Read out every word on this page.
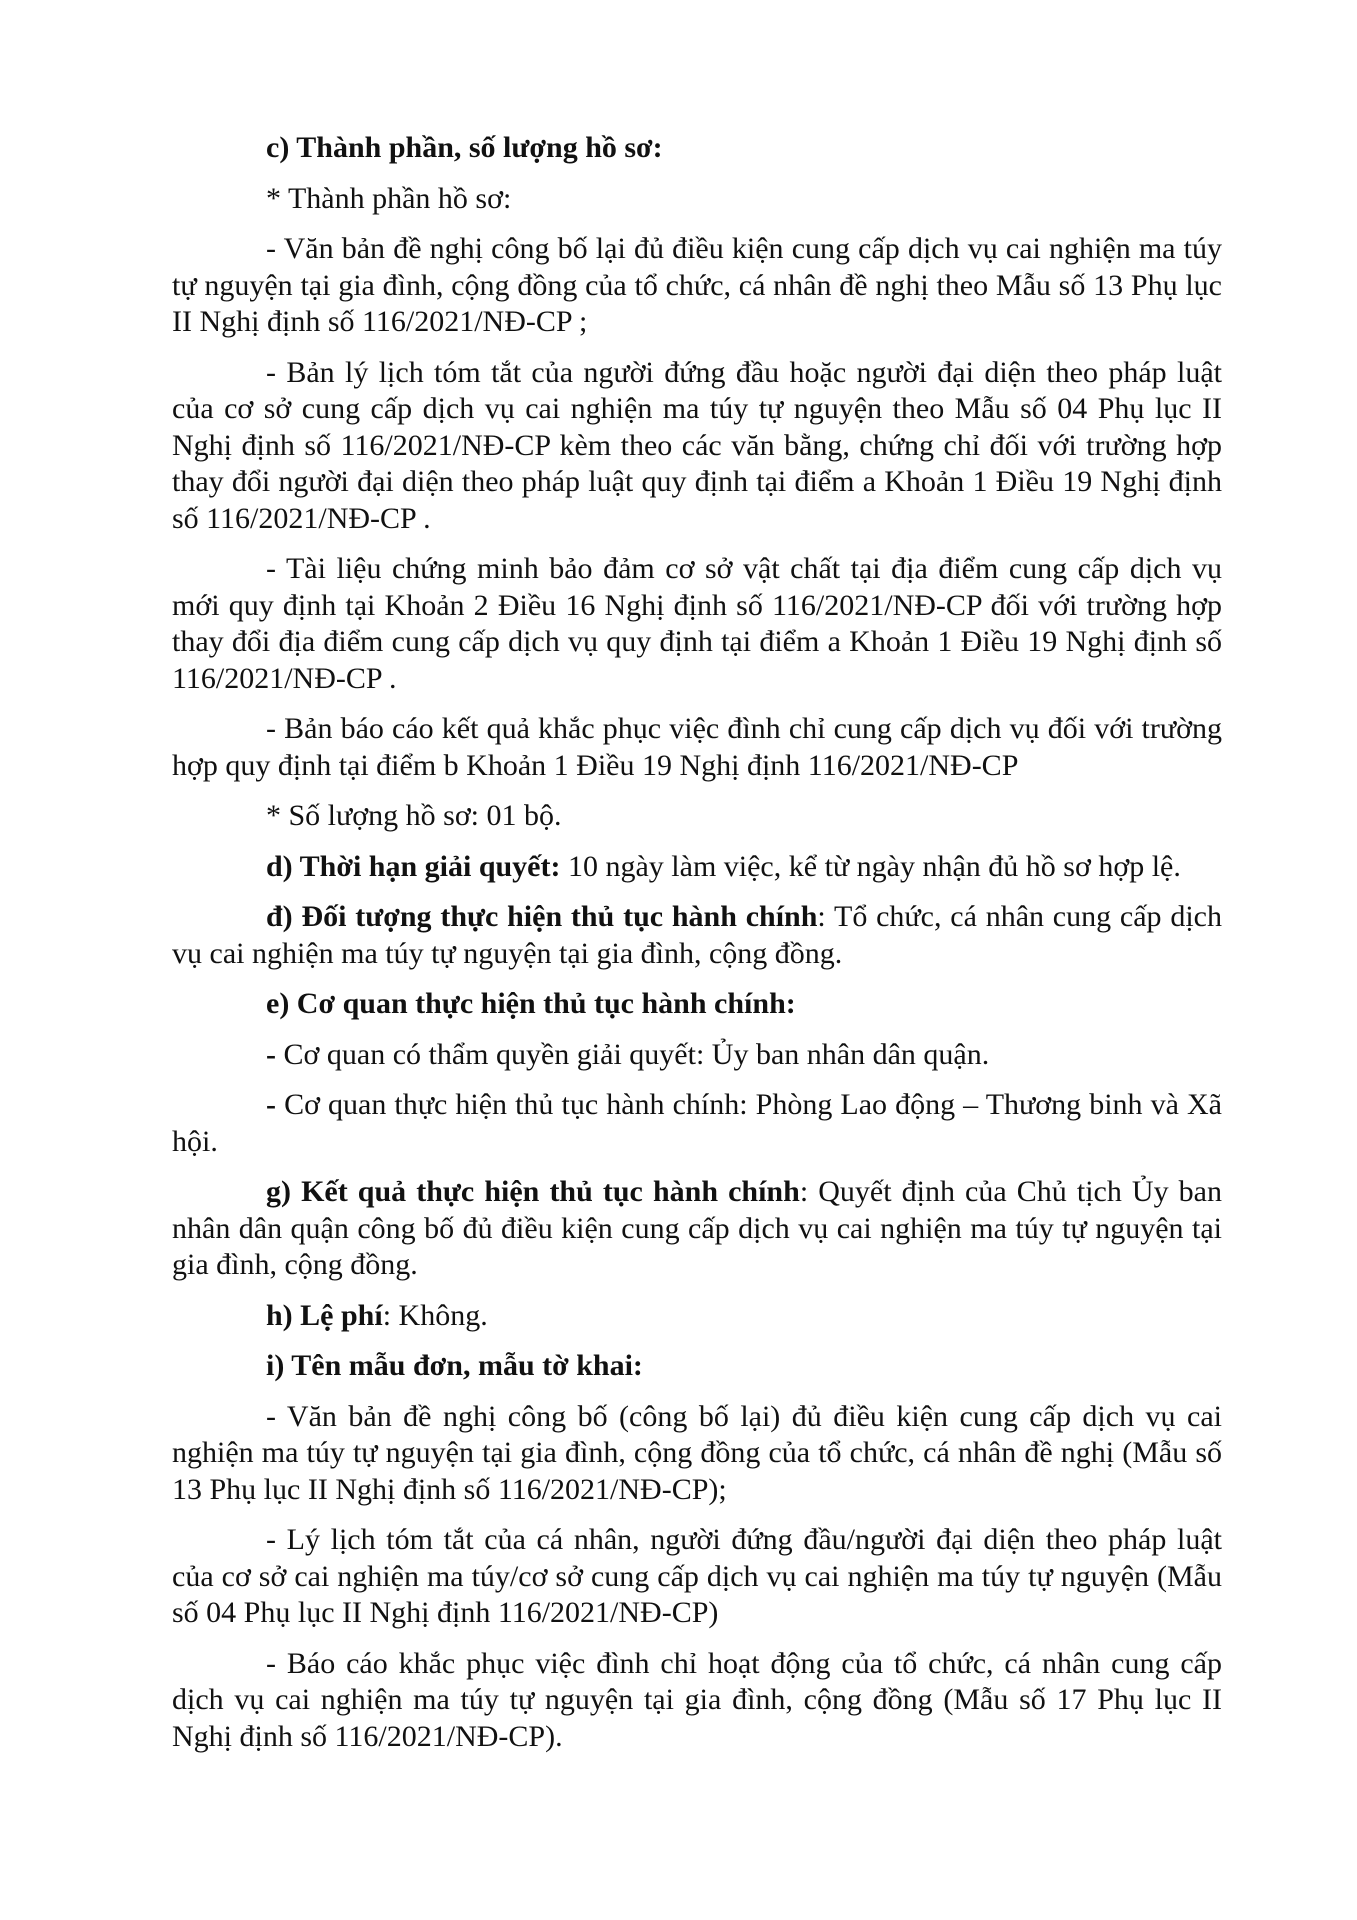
c) Thành phần, số lượng hồ sơ:

* Thành phần hồ sơ:

- Văn bản đề nghị công bố lại đủ điều kiện cung cấp dịch vụ cai nghiện ma túy tự nguyện tại gia đình, cộng đồng của tổ chức, cá nhân đề nghị theo Mẫu số 13 Phụ lục II Nghị định số 116/2021/NĐ-CP ;

- Bản lý lịch tóm tắt của người đứng đầu hoặc người đại diện theo pháp luật của cơ sở cung cấp dịch vụ cai nghiện ma túy tự nguyện theo Mẫu số 04 Phụ lục II Nghị định số 116/2021/NĐ-CP kèm theo các văn bằng, chứng chỉ đối với trường hợp thay đổi người đại diện theo pháp luật quy định tại điểm a Khoản 1 Điều 19 Nghị định số 116/2021/NĐ-CP .

- Tài liệu chứng minh bảo đảm cơ sở vật chất tại địa điểm cung cấp dịch vụ mới quy định tại Khoản 2 Điều 16 Nghị định số 116/2021/NĐ-CP đối với trường hợp thay đổi địa điểm cung cấp dịch vụ quy định tại điểm a Khoản 1 Điều 19 Nghị định số 116/2021/NĐ-CP .

- Bản báo cáo kết quả khắc phục việc đình chỉ cung cấp dịch vụ đối với trường hợp quy định tại điểm b Khoản 1 Điều 19 Nghị định 116/2021/NĐ-CP

* Số lượng hồ sơ: 01 bộ.

d) Thời hạn giải quyết: 10 ngày làm việc, kể từ ngày nhận đủ hồ sơ hợp lệ.

đ) Đối tượng thực hiện thủ tục hành chính: Tổ chức, cá nhân cung cấp dịch vụ cai nghiện ma túy tự nguyện tại gia đình, cộng đồng.

e) Cơ quan thực hiện thủ tục hành chính:

- Cơ quan có thẩm quyền giải quyết: Ủy ban nhân dân quận.

- Cơ quan thực hiện thủ tục hành chính: Phòng Lao động – Thương binh và Xã hội.

g) Kết quả thực hiện thủ tục hành chính: Quyết định của Chủ tịch Ủy ban nhân dân quận công bố đủ điều kiện cung cấp dịch vụ cai nghiện ma túy tự nguyện tại gia đình, cộng đồng.

h) Lệ phí: Không.

i) Tên mẫu đơn, mẫu tờ khai:

- Văn bản đề nghị công bố (công bố lại) đủ điều kiện cung cấp dịch vụ cai nghiện ma túy tự nguyện tại gia đình, cộng đồng của tổ chức, cá nhân đề nghị (Mẫu số 13 Phụ lục II Nghị định số 116/2021/NĐ-CP);

- Lý lịch tóm tắt của cá nhân, người đứng đầu/người đại diện theo pháp luật của cơ sở cai nghiện ma túy/cơ sở cung cấp dịch vụ cai nghiện ma túy tự nguyện (Mẫu số 04 Phụ lục II Nghị định 116/2021/NĐ-CP)

- Báo cáo khắc phục việc đình chỉ hoạt động của tổ chức, cá nhân cung cấp dịch vụ cai nghiện ma túy tự nguyện tại gia đình, cộng đồng (Mẫu số 17 Phụ lục II Nghị định số 116/2021/NĐ-CP).
